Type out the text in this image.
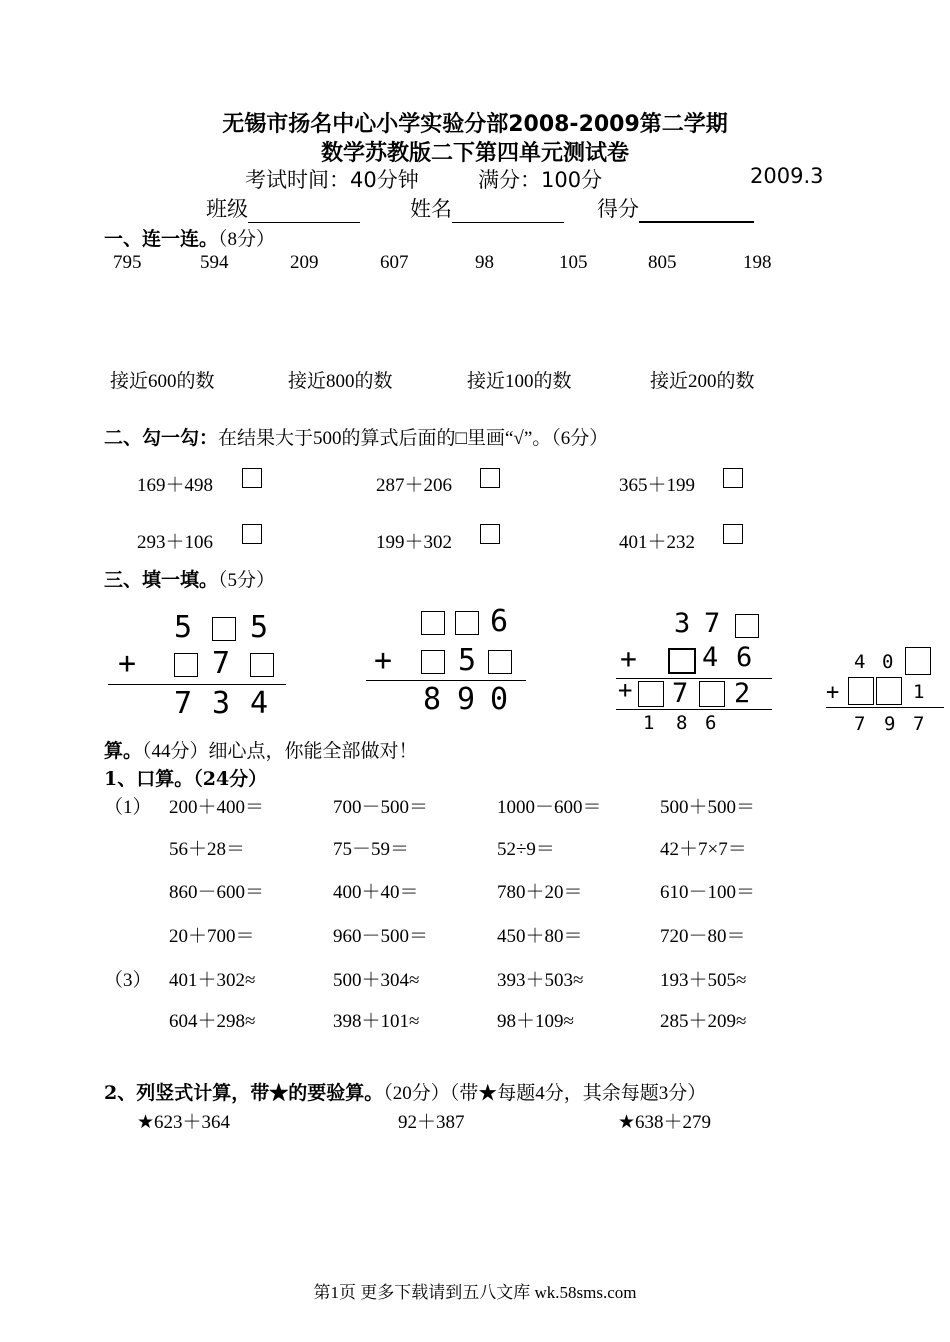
无锡市扬名中心小学实验分部2008-2009第二学期
数学苏教版二下第四单元测试卷
考试时间：40分钟	满分：100分	2009.3
班级	姓名	得分
一、连一连。（8分）
795	594	209	607	98	105	805	198
接近600的数	接近800的数	接近100的数	接近200的数
二、勾一勾：在结果大于500的算式后面的□里画“√”。（6分）
169＋498	287＋206	365＋199
293＋106	199＋302	401＋232
三、填一填。（5分）
5 5
+	7
7 3 4
6
+ 5
8 9 0
3 7
+ 4 6
+ 7 2
1 8 6
4 0
+	1
7 9 7
算。（44分）细心点，你能全部做对！
1、口算。（24分）
（1）
（3）
200＋400＝	700－500＝	1000－600＝	500＋500＝
56＋28＝	75－59＝	52÷9＝	42＋7×7＝
860－600＝	400＋40＝	780＋20＝	610－100＝
20＋700＝	960－500＝	450＋80＝	720－80＝
401＋302≈	500＋304≈	393＋503≈	193＋505≈
604＋298≈	398＋101≈	98＋109≈	285＋209≈
2、列竖式计算，带★的要验算。（20分）（带★每题4分，其余每题3分）
★623＋364	92＋387	★638＋279
第1页 更多下载请到五八文库 wk.58sms.com
